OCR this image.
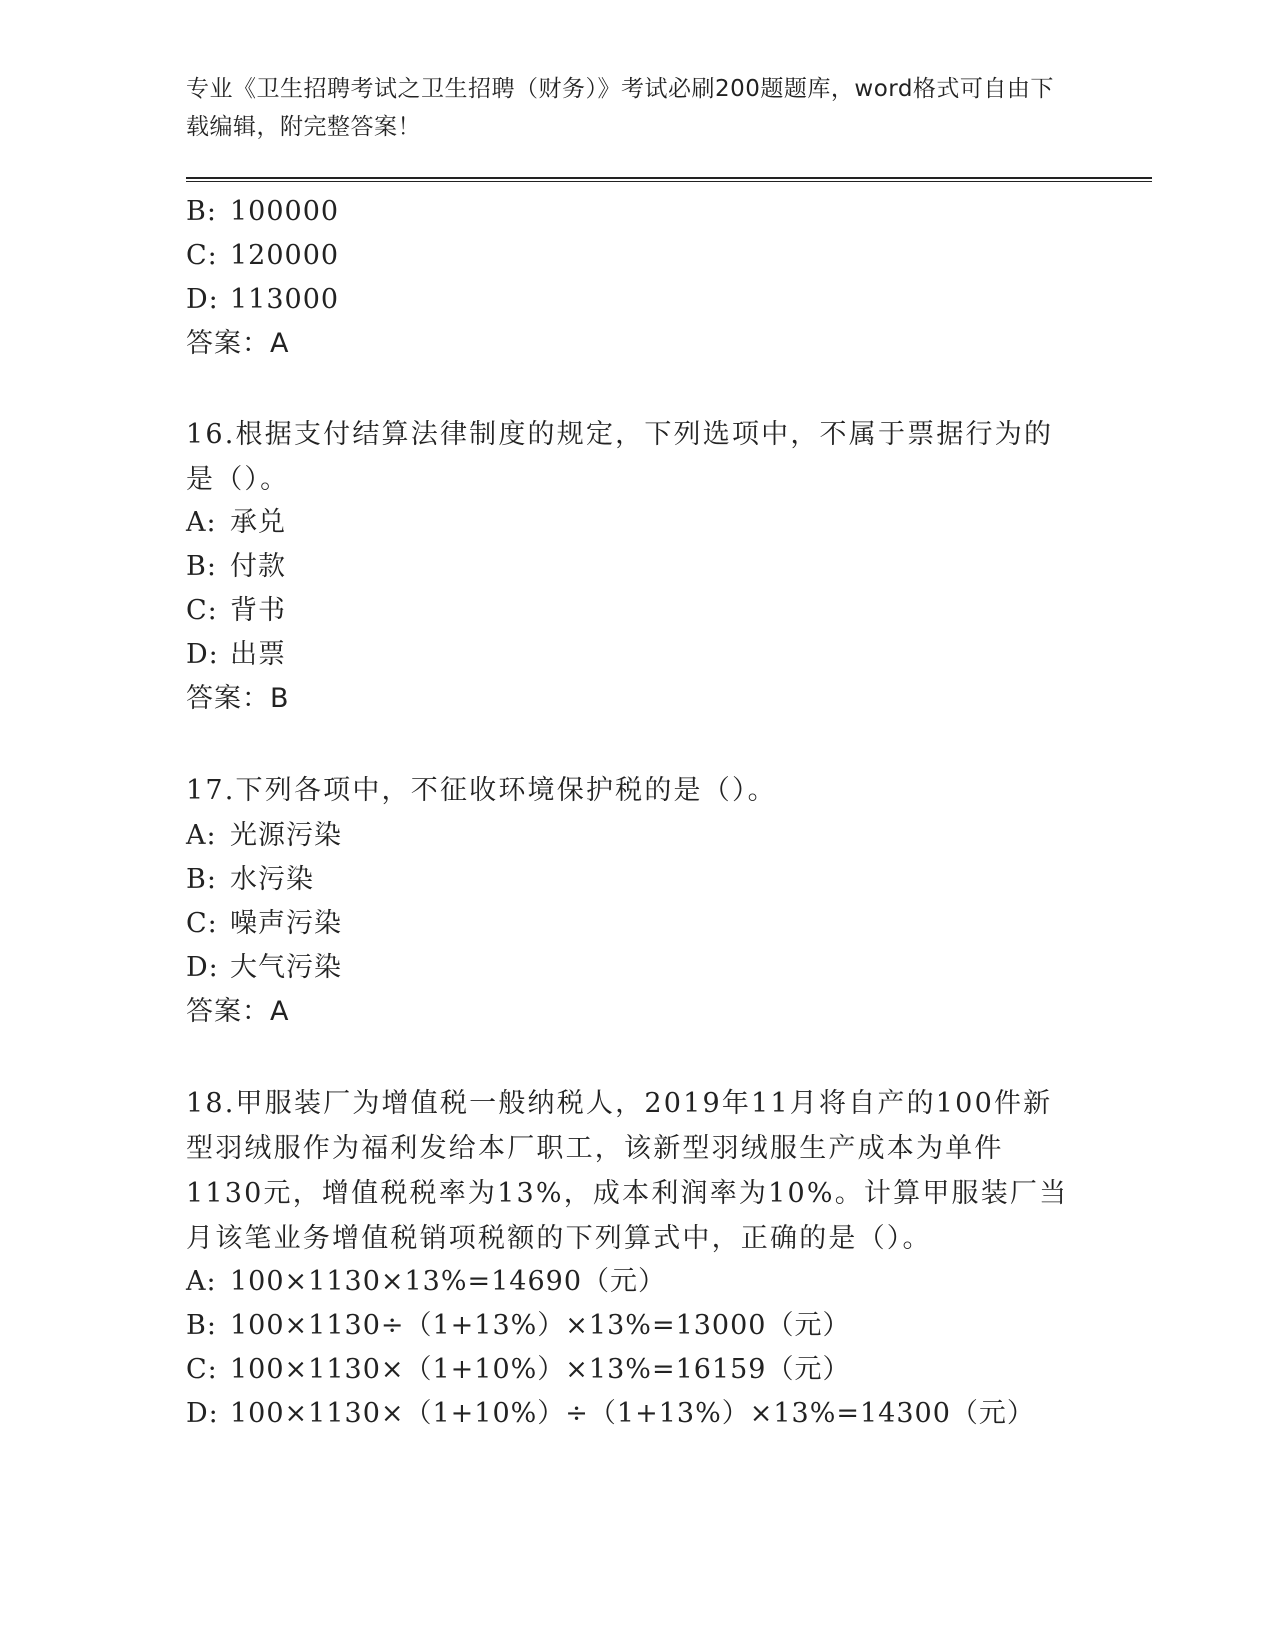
专业《卫生招聘考试之卫生招聘（财务）》考试必刷200题题库，word格式可自由下载编辑，附完整答案！
B: 100000
C: 120000
D: 113000
答案：A
16.根据支付结算法律制度的规定，下列选项中，不属于票据行为的是（）。
A: 承兑
B: 付款
C: 背书
D: 出票
答案：B
17.下列各项中，不征收环境保护税的是（）。
A: 光源污染
B: 水污染
C: 噪声污染
D: 大气污染
答案：A
18.甲服装厂为增值税一般纳税人，2019年11月将自产的100件新型羽绒服作为福利发给本厂职工，该新型羽绒服生产成本为单件1130元，增值税税率为13%，成本利润率为10%。计算甲服装厂当月该笔业务增值税销项税额的下列算式中，正确的是（）。
A: 100×1130×13%=14690（元）
B: 100×1130÷（1+13%）×13%=13000（元）
C: 100×1130×（1+10%）×13%=16159（元）
D: 100×1130×（1+10%）÷（1+13%）×13%=14300（元）
